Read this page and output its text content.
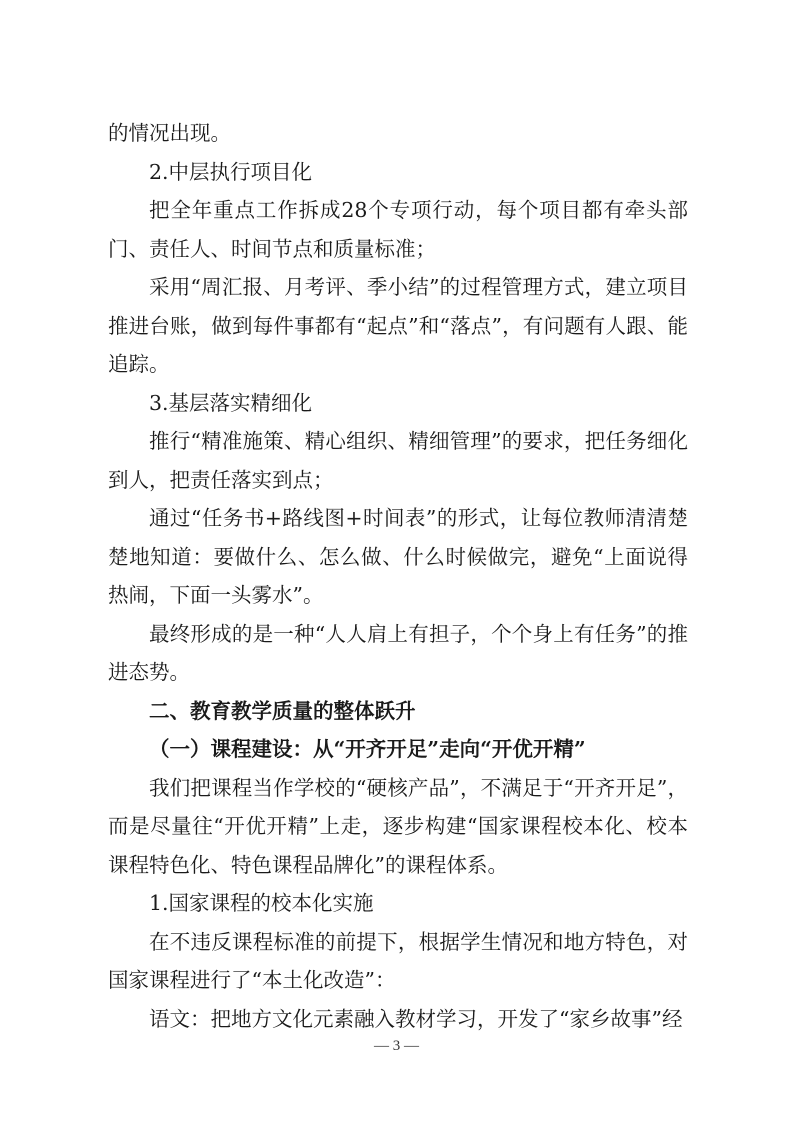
的情况出现。

2.中层执行项目化

把全年重点工作拆成28个专项行动，每个项目都有牵头部门、责任人、时间节点和质量标准；

采用“周汇报、月考评、季小结”的过程管理方式，建立项目推进台账，做到每件事都有“起点”和“落点”，有问题有人跟、能追踪。

3.基层落实精细化

推行“精准施策、精心组织、精细管理”的要求，把任务细化到人，把责任落实到点；

通过“任务书+路线图+时间表”的形式，让每位教师清清楚楚地知道：要做什么、怎么做、什么时候做完，避免“上面说得热闹，下面一头雾水”。

最终形成的是一种“人人肩上有担子，个个身上有任务”的推进态势。

二、教育教学质量的整体跃升

（一）课程建设：从“开齐开足”走向“开优开精”

我们把课程当作学校的“硬核产品”，不满足于“开齐开足”，而是尽量往“开优开精”上走，逐步构建“国家课程校本化、校本课程特色化、特色课程品牌化”的课程体系。

1.国家课程的校本化实施

在不违反课程标准的前提下，根据学生情况和地方特色，对国家课程进行了“本土化改造”：

语文：把地方文化元素融入教材学习，开发了“家乡故事”经

— 3 —
